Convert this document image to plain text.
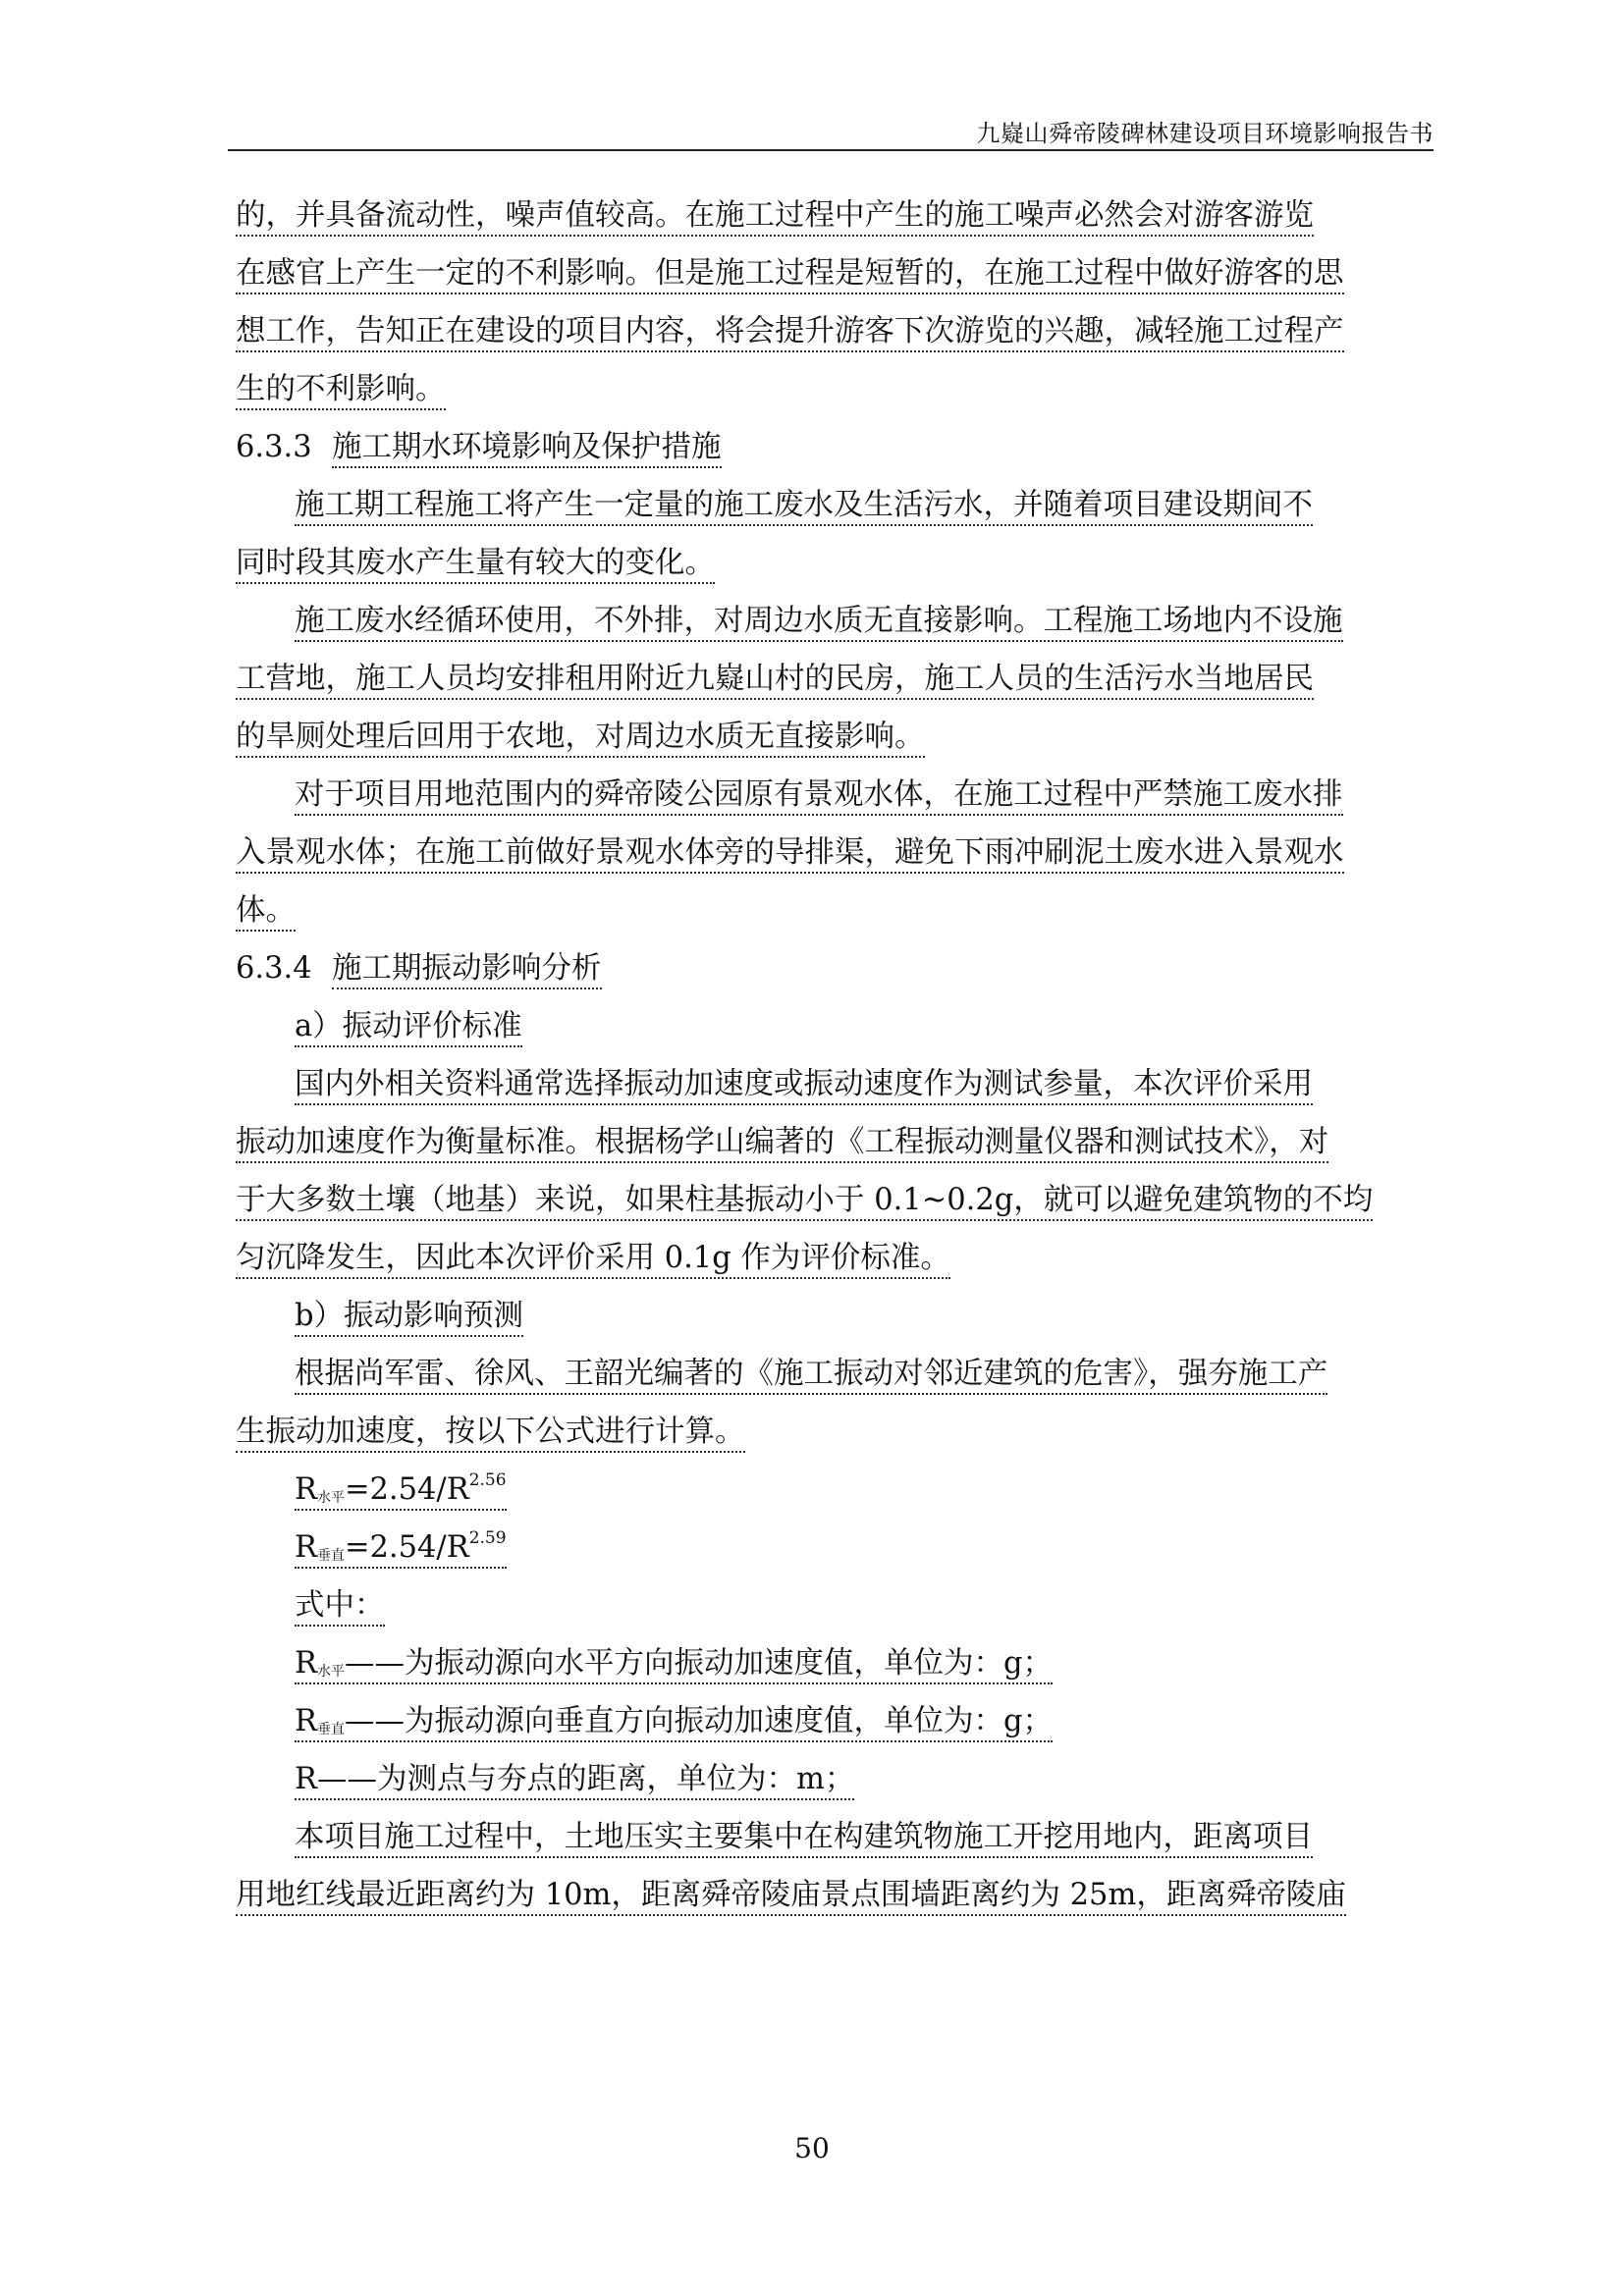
九嶷山舜帝陵碑林建设项目环境影响报告书
的，并具备流动性，噪声值较高。在施工过程中产生的施工噪声必然会对游客游览
在感官上产生一定的不利影响。但是施工过程是短暂的，在施工过程中做好游客的思
想工作，告知正在建设的项目内容，将会提升游客下次游览的兴趣，减轻施工过程产
生的不利影响。
6.3.3 施工期水环境影响及保护措施
施工期工程施工将产生一定量的施工废水及生活污水，并随着项目建设期间不
同时段其废水产生量有较大的变化。
施工废水经循环使用，不外排，对周边水质无直接影响。工程施工场地内不设施
工营地，施工人员均安排租用附近九嶷山村的民房，施工人员的生活污水当地居民
的旱厕处理后回用于农地，对周边水质无直接影响。
对于项目用地范围内的舜帝陵公园原有景观水体，在施工过程中严禁施工废水排
入景观水体；在施工前做好景观水体旁的导排渠，避免下雨冲刷泥土废水进入景观水
体。
6.3.4 施工期振动影响分析
a）振动评价标准
国内外相关资料通常选择振动加速度或振动速度作为测试参量，本次评价采用
振动加速度作为衡量标准。根据杨学山编著的《工程振动测量仪器和测试技术》，对
于大多数土壤（地基）来说，如果柱基振动小于 0.1~0.2g，就可以避免建筑物的不均
匀沉降发生，因此本次评价采用 0.1g 作为评价标准。
b）振动影响预测
根据尚军雷、徐风、王韶光编著的《施工振动对邻近建筑的危害》，强夯施工产
生振动加速度，按以下公式进行计算。
$R_{水平}=2.54/R^{2.56}$
$R_{垂直}=2.54/R^{2.59}$
式中：
$R_{水平}——$为振动源向水平方向振动加速度值，单位为：g；
$R_{垂直}——$为振动源向垂直方向振动加速度值，单位为：g；
R——为测点与夯点的距离，单位为：m；
本项目施工过程中，土地压实主要集中在构建筑物施工开挖用地内，距离项目
用地红线最近距离约为 10m，距离舜帝陵庙景点围墙距离约为 25m，距离舜帝陵庙
50
